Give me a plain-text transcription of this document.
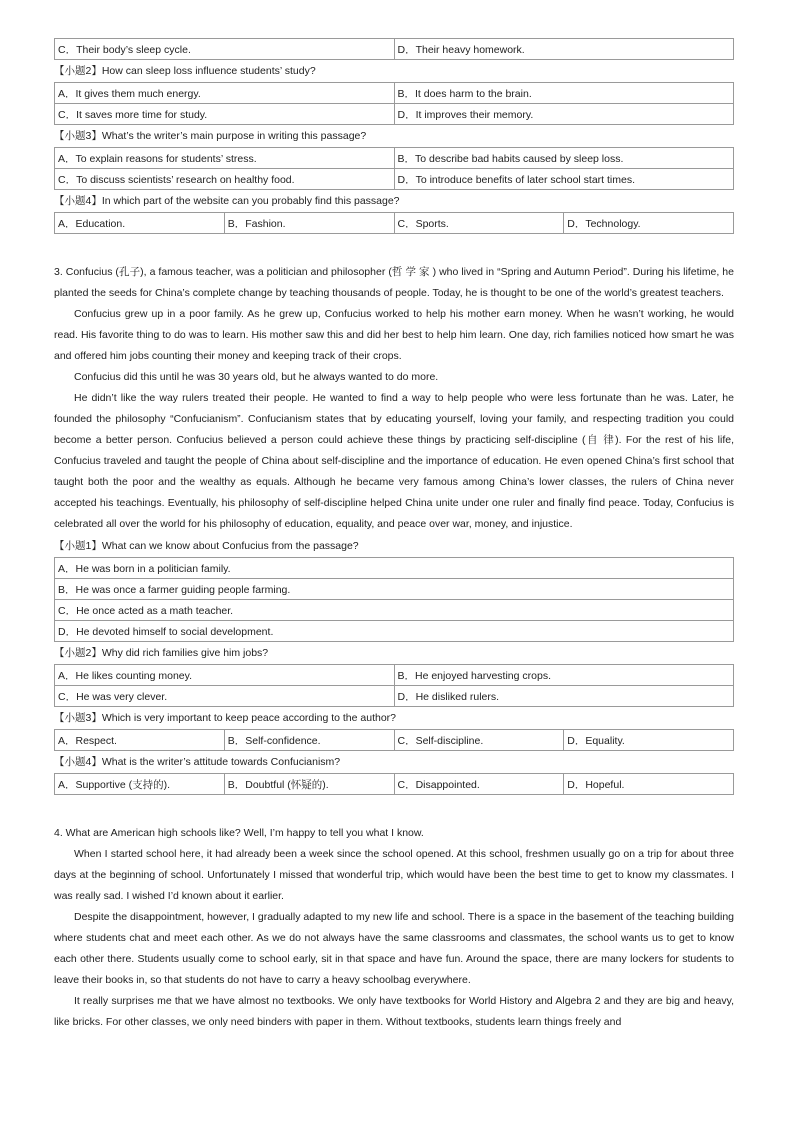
C．Their body’s sleep cycle.	D．Their heavy homework.
【小题2】How can sleep loss influence students’ study?
A．It gives them much energy.	B．It does harm to the brain.
C．It saves more time for study.	D．It improves their memory.
【小题3】What’s the writer’s main purpose in writing this passage?
A．To explain reasons for students’ stress.	B．To describe bad habits caused by sleep loss.
C．To discuss scientists’ research on healthy food.	D．To introduce benefits of later school start times.
【小题4】In which part of the website can you probably find this passage?
A．Education.	B．Fashion.	C．Sports.	D．Technology.

3. Confucius (孔子), a famous teacher, was a politician and philosopher (哲 学 家 ) who lived in “Spring and Autumn Period”. During his lifetime, he planted the seeds for China’s complete change by teaching thousands of people. Today, he is thought to be one of the world’s greatest teachers.

Confucius grew up in a poor family. As he grew up, Confucius worked to help his mother earn money. When he wasn’t working, he would read. His favorite thing to do was to learn. His mother saw this and did her best to help him learn. One day, rich families noticed how smart he was and offered him jobs counting their money and keeping track of their crops.

Confucius did this until he was 30 years old, but he always wanted to do more.

He didn’t like the way rulers treated their people. He wanted to find a way to help people who were less fortunate than he was. Later, he founded the philosophy “Confucianism”. Confucianism states that by educating yourself, loving your family, and respecting tradition you could become a better person. Confucius believed a person could achieve these things by practicing self-discipline (自 律). For the rest of his life, Confucius traveled and taught the people of China about self-discipline and the importance of education. He even opened China’s first school that taught both the poor and the wealthy as equals. Although he became very famous among China’s lower classes, the rulers of China never accepted his teachings. Eventually, his philosophy of self-discipline helped China unite under one ruler and finally find peace. Today, Confucius is celebrated all over the world for his philosophy of education, equality, and peace over war, money, and injustice.

【小题1】What can we know about Confucius from the passage?
A．He was born in a politician family.
B．He was once a farmer guiding people farming.
C．He once acted as a math teacher.
D．He devoted himself to social development.
【小题2】Why did rich families give him jobs?
A．He likes counting money.	B．He enjoyed harvesting crops.
C．He was very clever.	D．He disliked rulers.
【小题3】Which is very important to keep peace according to the author?
A．Respect.	B．Self-confidence.	C．Self-discipline.	D．Equality.
【小题4】What is the writer’s attitude towards Confucianism?
A．Supportive (支持的).	B．Doubtful (怀疑的).	C．Disappointed.	D．Hopeful.

4. What are American high schools like? Well, I’m happy to tell you what I know.

When I started school here, it had already been a week since the school opened. At this school, freshmen usually go on a trip for about three days at the beginning of school. Unfortunately I missed that wonderful trip, which would have been the best time to get to know my classmates. I was really sad. I wished I’d known about it earlier.

Despite the disappointment, however, I gradually adapted to my new life and school. There is a space in the basement of the teaching building where students chat and meet each other. As we do not always have the same classrooms and classmates, the school wants us to get to know each other there. Students usually come to school early, sit in that space and have fun. Around the space, there are many lockers for students to leave their books in, so that students do not have to carry a heavy schoolbag everywhere.

It really surprises me that we have almost no textbooks. We only have textbooks for World History and Algebra 2 and they are big and heavy, like bricks. For other classes, we only need binders with paper in them. Without textbooks, students learn things freely and
